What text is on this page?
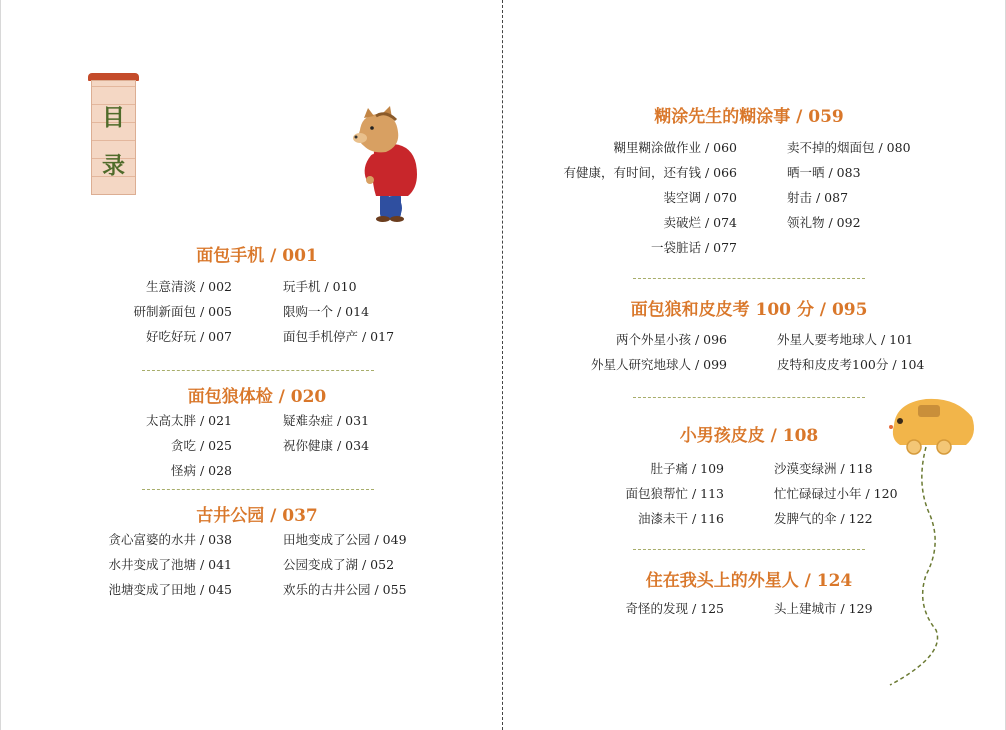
目
录
面包手机 / 001
生意清淡 / 002
研制新面包 / 005
好吃好玩 / 007
玩手机 / 010
限购一个 / 014
面包手机停产 / 017
面包狼体检 / 020
太高太胖 / 021
贪吃 / 025
怪病 / 028
疑难杂症 / 031
祝你健康 / 034
古井公园 / 037
贪心富婆的水井 / 038
水井变成了池塘 / 041
池塘变成了田地 / 045
田地变成了公园 / 049
公园变成了湖 / 052
欢乐的古井公园 / 055
糊涂先生的糊涂事 / 059
糊里糊涂做作业 / 060
有健康，有时间，还有钱 / 066
装空调 / 070
卖破烂 / 074
一袋脏话 / 077
卖不掉的烟面包 / 080
晒一晒 / 083
射击 / 087
领礼物 / 092
面包狼和皮皮考 100 分 / 095
两个外星小孩 / 096
外星人研究地球人 / 099
外星人要考地球人 / 101
皮特和皮皮考100分 / 104
小男孩皮皮 / 108
肚子痛 / 109
面包狼帮忙 / 113
油漆未干 / 116
沙漠变绿洲 / 118
忙忙碌碌过小年 / 120
发脾气的伞 / 122
住在我头上的外星人 / 124
奇怪的发现 / 125	头上建城市 / 129
